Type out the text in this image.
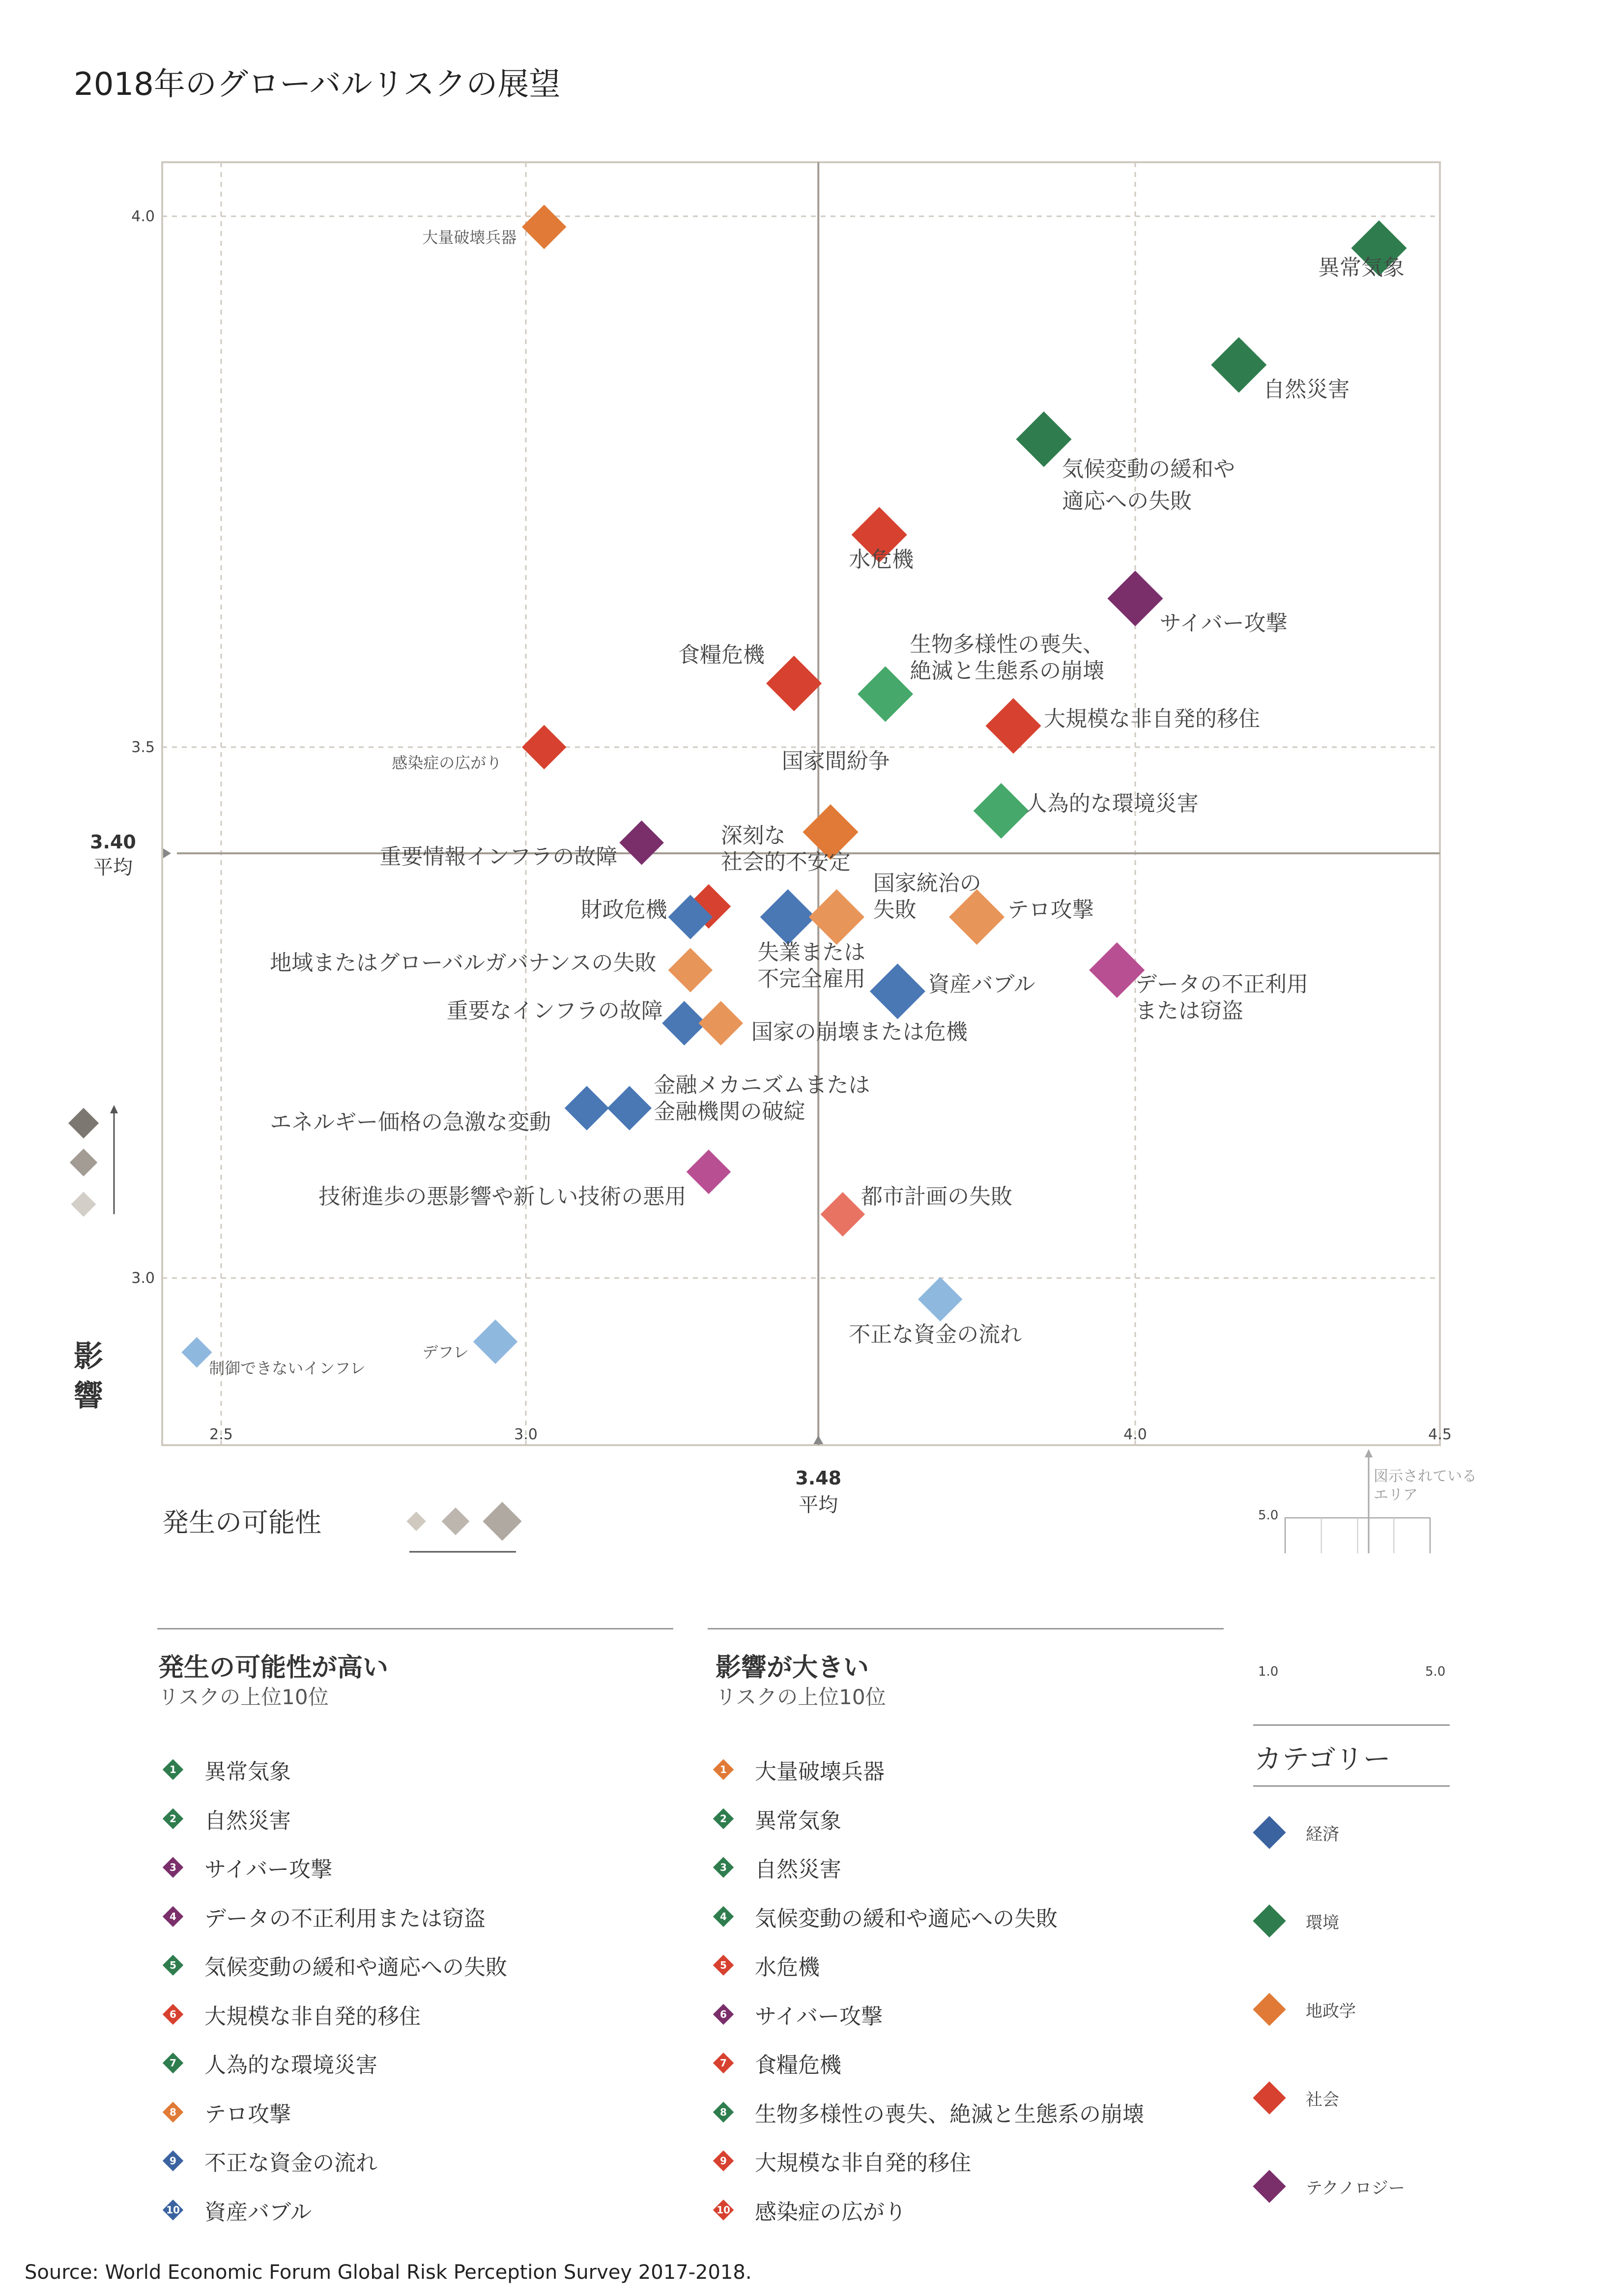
2018年のグローバルリスクの展望
2.5	3.0	4.0	4.5
3.0
3.5
4.0
3.40
平均
3.48
平均
影
響
異常気象
自然災害
気候変動の緩和や
適応への失敗
水危機
サイバー攻撃
食糧危機	生物多様性の喪失、
絶滅と生態系の崩壊
大規模な非自発的移住
大量破壊兵器
感染症の広がり
人為的な環境災害
国家間紛争
重要情報インフラの故障
深刻な
社会的不安定
国家統治の
失敗
財政危機	テロ攻撃
失業または
不完全雇用
地域またはグローバルガバナンスの失敗
資産バブル	データの不正利用
または窃盗
重要なインフラの故障
国家の崩壊または危機
金融メカニズムまたは
金融機関の破綻
エネルギー価格の急激な変動
都市計画の失敗
技術進歩の悪影響や新しい技術の悪用
不正な資金の流れ
制御できないインフレ
デフレ
発生の可能性
図示されている
エリア
5.0
1.0	5.0
発生の可能性が高い
リスクの上位10位
1	異常気象
2	自然災害
3	サイバー攻撃
4	データの不正利用または窃盗
5	気候変動の緩和や適応への失敗
6	大規模な非自発的移住
7	人為的な環境災害
8	テロ攻撃
9	不正な資金の流れ
10 資産バブル
影響が大きい
リスクの上位10位
1	大量破壊兵器
2	異常気象
3	自然災害
4	気候変動の緩和や適応への失敗
5	水危機
6	サイバー攻撃
7	食糧危機
8	生物多様性の喪失、絶滅と生態系の崩壊
9	大規模な非自発的移住
10 感染症の広がり
カテゴリー
経済
環境
地政学
社会
テクノロジー
Source: World Economic Forum Global Risk Perception Survey 2017-2018.
